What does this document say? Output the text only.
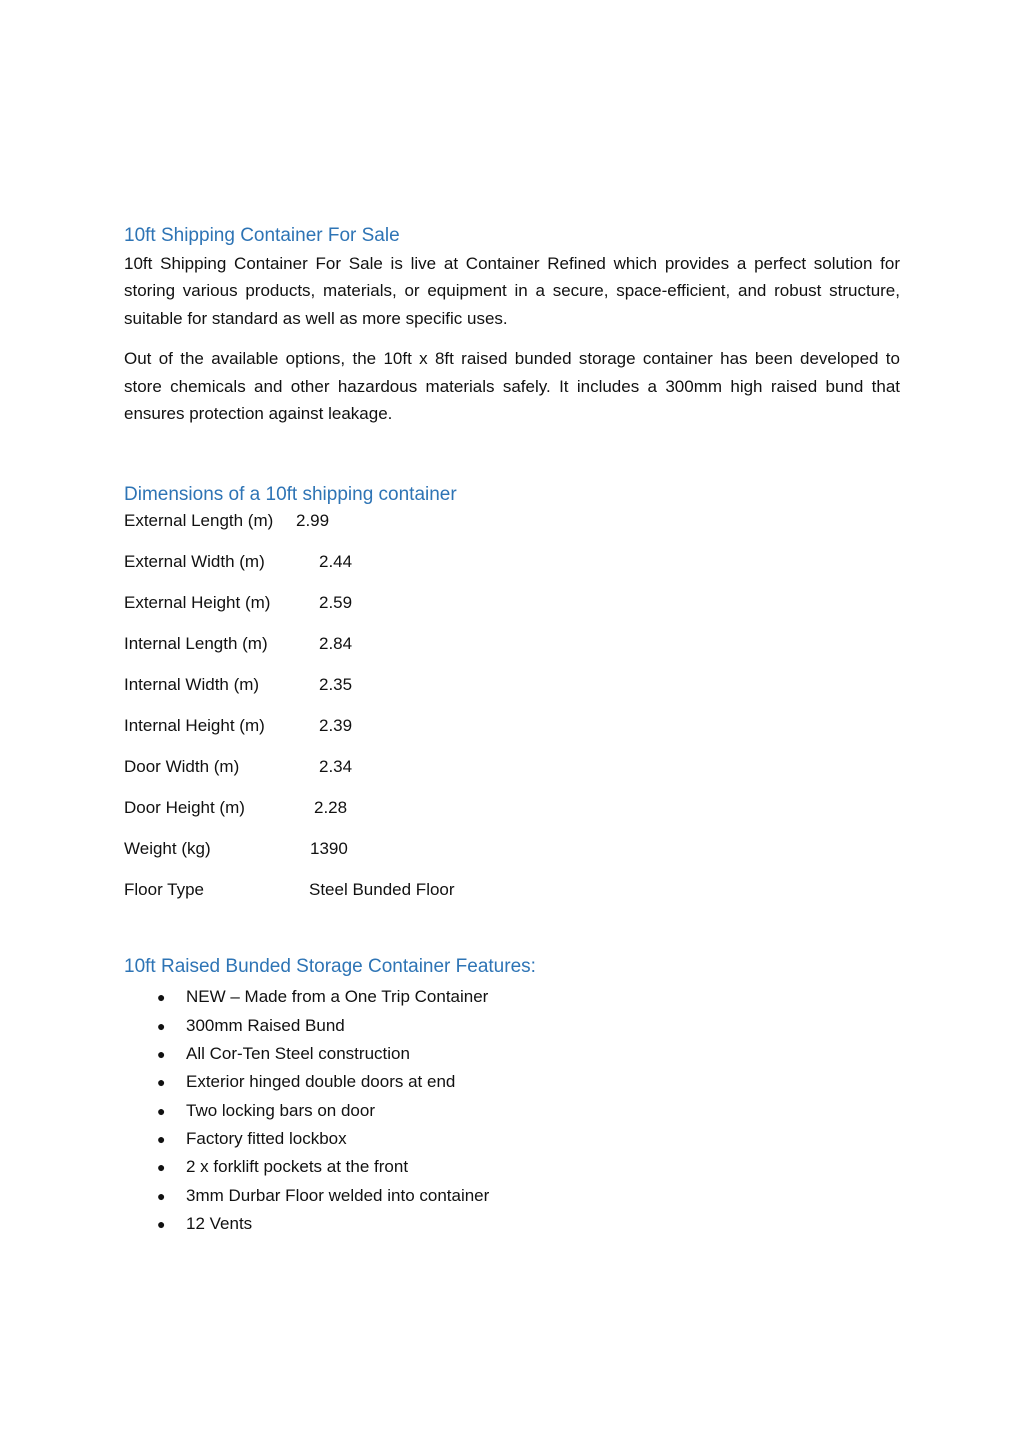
10ft Shipping Container For Sale

10ft Shipping Container For Sale is live at Container Refined which provides a perfect solution for storing various products, materials, or equipment in a secure, space-efficient, and robust structure, suitable for standard as well as more specific uses.

Out of the available options, the 10ft x 8ft raised bunded storage container has been developed to store chemicals and other hazardous materials safely. It includes a 300mm high raised bund that ensures protection against leakage.

Dimensions of a 10ft shipping container
External Length (m) 2.99
External Width (m)	2.44
External Height (m)	2.59
Internal Length (m)	2.84
Internal Width (m)	2.35
Internal Height (m)	2.39
Door Width (m)	2.34
Door Height (m)	2.28
Weight (kg)	1390
Floor Type	Steel Bunded Floor
10ft Raised Bunded Storage Container Features:
● NEW – Made from a One Trip Container
● 300mm Raised Bund
● All Cor-Ten Steel construction
● Exterior hinged double doors at end
● Two locking bars on door
● Factory fitted lockbox
● 2 x forklift pockets at the front
● 3mm Durbar Floor welded into container
● 12 Vents
